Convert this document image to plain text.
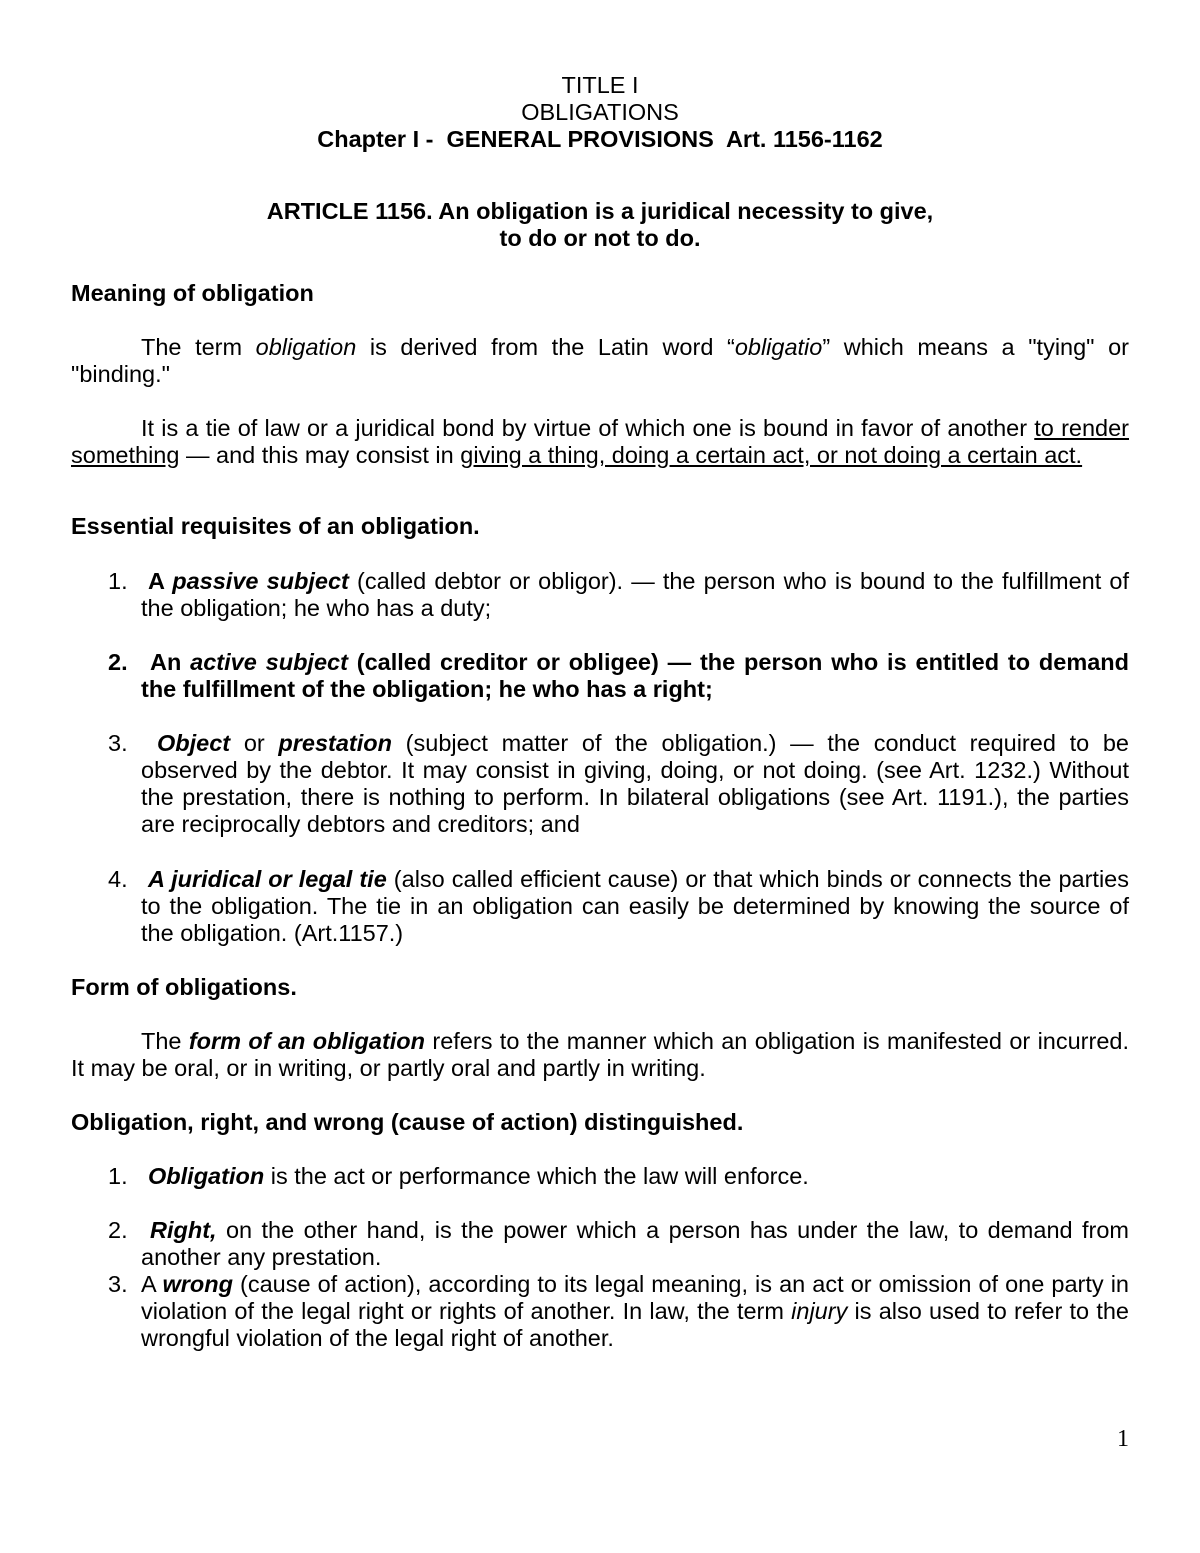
TITLE I
OBLIGATIONS
Chapter I -  GENERAL PROVISIONS  Art. 1156-1162
ARTICLE 1156. An obligation is a juridical necessity to give,
to do or not to do.
Meaning of obligation

The term obligation is derived from the Latin word “obligatio” which means a "tying" or "binding."

It is a tie of law or a juridical bond by virtue of which one is bound in favor of another to render something — and this may consist in giving a thing, doing a certain act, or not doing a certain act.

Essential requisites of an obligation.
1. A passive subject (called debtor or obligor). — the person who is bound to the fulfillment of the obligation; he who has a duty;
2. An active subject (called creditor or obligee) — the person who is entitled to demand the fulfillment of the obligation; he who has a right;
3. Object or prestation (subject matter of the obligation.) — the conduct required to be observed by the debtor. It may consist in giving, doing, or not doing. (see Art. 1232.) Without the prestation, there is nothing to perform. In bilateral obligations (see Art. 1191.), the parties are reciprocally debtors and creditors; and
4. A juridical or legal tie (also called efficient cause) or that which binds or connects the parties to the obligation. The tie in an obligation can easily be determined by knowing the source of the obligation. (Art.1157.)
Form of obligations.

The form of an obligation refers to the manner which an obligation is manifested or incurred. It may be oral, or in writing, or partly oral and partly in writing.

Obligation, right, and wrong (cause of action) distinguished.
1. Obligation is the act or performance which the law will enforce.
2. Right, on the other hand, is the power which a person has under the law, to demand from another any prestation.
3. A wrong (cause of action), according to its legal meaning, is an act or omission of one party in violation of the legal right or rights of another. In law, the term injury is also used to refer to the wrongful violation of the legal right of another.
1
